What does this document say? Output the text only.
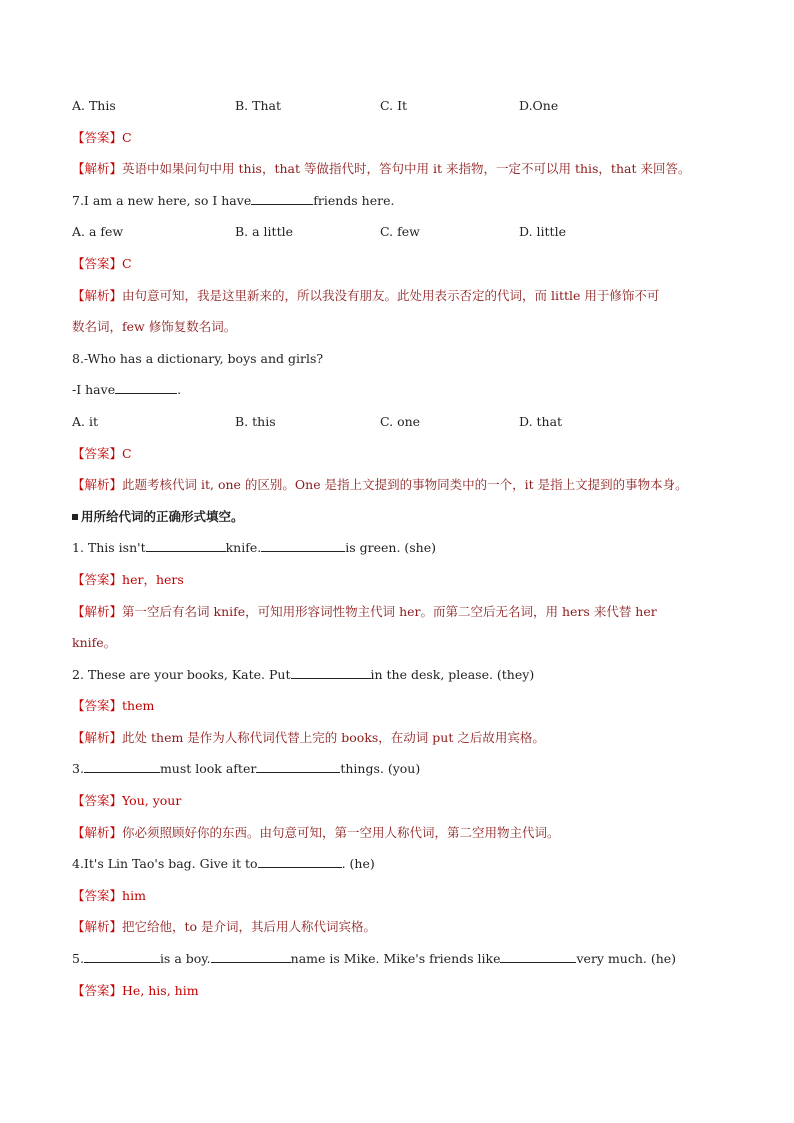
A. This	B. That	C. It	D.One
【答案】C
【解析】英语中如果问句中用 this，that 等做指代时，答句中用 it 来指物，一定不可以用 this，that 来回答。
7.I am a new here, so I have	friends here.
A. a few	B. a little	C. few	D. little
【答案】C
【解析】由句意可知，我是这里新来的，所以我没有朋友。此处用表示否定的代词，而 little 用于修饰不可
数名词，few 修饰复数名词。
8.-Who has a dictionary, boys and girls?
-I have	.
A. it	B. this	C. one	D. that
【答案】C
【解析】此题考核代词 it, one 的区别。One 是指上文提到的事物同类中的一个，it 是指上文提到的事物本身。
用所给代词的正确形式填空。
1. This isn't	knife.	is green. (she)
【答案】her，hers
【解析】第一空后有名词 knife，可知用形容词性物主代词 her。而第二空后无名词，用 hers 来代替 her
knife。
2. These are your books, Kate. Put	in the desk, please. (they)
【答案】them
【解析】此处 them 是作为人称代词代替上完的 books，在动词 put 之后故用宾格。
3.	must look after	things. (you)
【答案】You, your
【解析】你必须照顾好你的东西。由句意可知，第一空用人称代词，第二空用物主代词。
4.It's Lin Tao's bag. Give it to	. (he)
【答案】him
【解析】把它给他，to 是介词，其后用人称代词宾格。
5.	is a boy.	name is Mike. Mike's friends like	very much. (he)
【答案】He, his, him
